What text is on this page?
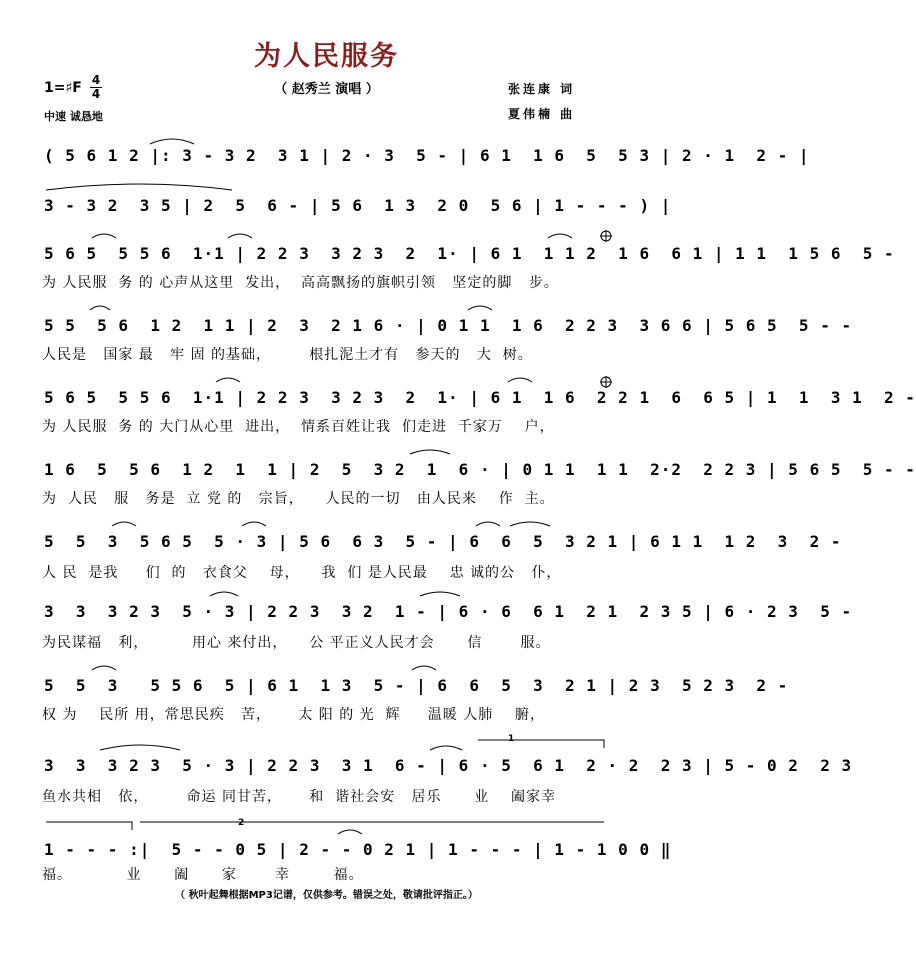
为人民服务
（ 赵秀兰 演唱 ）
1=♯F 4
4
中速 诚恳地
张连康 词
夏伟楠 曲
( 5 6 1 2 |: 3 - 3 2  3 1 | 2 · 3  5 - | 6 1  1 6  5  5 3 | 2 · 1  2 - |
3 - 3 2  3 5 | 2  5  6 - | 5 6  1 3  2 0  5 6 | 1 - - - ) |
5 6 5  5 5 6  1·1 | 2 2 3  3 2 3  2  1· | 6 1  1 1 2  1 6  6 1 | 1 1  1 5 6  5 -
为 人民服  务 的 心声从这里  发出，  高高飘扬的旗帜引领   坚定的脚   步。
5 5  5 6  1 2  1 1 | 2  3  2 1 6 · | 0 1 1  1 6  2 2 3  3 6 6 | 5 6 5  5 - -
人民是   国家 最   牢 固 的基础，       根扎泥土才有   参天的   大  树。
5 6 5  5 5 6  1·1 | 2 2 3  3 2 3  2  1· | 6 1  1 6  2 2 1  6  6 5 | 1  1  3 1  2 -
为 人民服  务 的 大门从心里  进出，  情系百姓让我  们走进  千家万    户，
1 6  5  5 6  1 2  1  1 | 2  5  3 2  1  6 · | 0 1 1  1 1  2·2  2 2 3 | 5 6 5  5 - -
为  人民   服   务是  立 党 的   宗旨，    人民的一切   由人民来    作  主。
5  5  3  5 6 5  5 · 3 | 5 6  6 3  5 - | 6  6  5  3 2 1 | 6 1 1  1 2  3  2 -
人 民  是我     们  的   衣食父    母，    我  们 是人民最    忠 诚的公   仆，
3  3  3 2 3  5 · 3 | 2 2 3  3 2  1 - | 6 · 6  6 1  2 1  2 3 5 | 6 · 2 3  5 -
为民谋福   利，        用心 来付出，    公 平正义人民才会      信       服。
5  5  3   5 5 6  5 | 6 1  1 3  5 - | 6  6  5  3  2 1 | 2 3  5 2 3  2 -
权 为    民所 用，常思民疾   苦，     太 阳 的 光  辉     温暖 人肺    腑，
3  3  3 2 3  5 · 3 | 2 2 3  3 1  6 - | 6 · 5  6 1  2 · 2  2 3 | 5 - 0 2  2 3
鱼水共相   依，       命运 同甘苦，     和  谐社会安   居乐      业    阖家幸
1 - - - :|  5 - - 0 5 | 2 - - 0 2 1 | 1 - - - | 1 - 1 0 0 ‖
福。          业      阖      家       幸        福。
1
2
（ 秋叶起舞根据MP3记谱，仅供参考。错误之处，敬请批评指正。）
